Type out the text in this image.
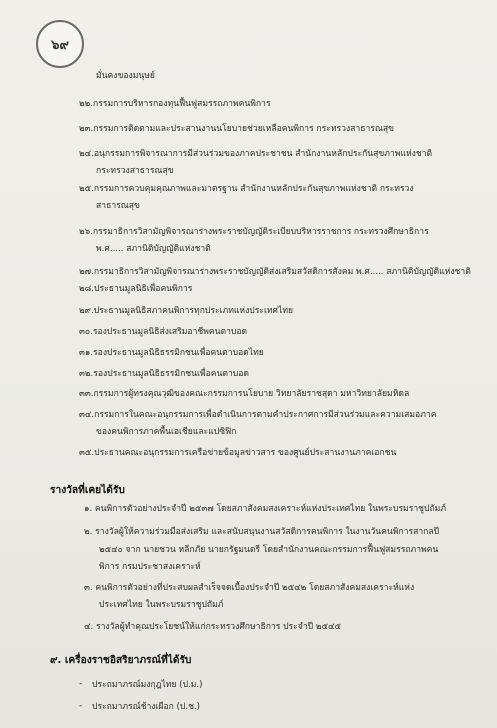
๖๙
มั่นคงของมนุษย์
๒๒.กรรมการบริหารกองทุนฟื้นฟูสมรรถภาพคนพิการ
๒๓.กรรมการติดตามและประสานงานนโยบายช่วยเหลือคนพิการ กระทรวงสาธารณสุข
๒๔.อนุกรรมการพิจารณาการมีส่วนร่วมของภาคประชาชน สำนักงานหลักประกันสุขภาพแห่งชาติ
กระทรวงสาธารณสุข
๒๕.กรรมการควบคุมคุณภาพและมาตรฐาน สำนักงานหลักประกันสุขภาพแห่งชาติ กระทรวง
สาธารณสุข
๒๖.กรรมาธิการวิสามัญพิจารณาร่างพระราชบัญญัติระเบียบบริหารราชการ กระทรวงศึกษาธิการ
พ.ศ..... สภานิติบัญญัติแห่งชาติ
๒๗.กรรมาธิการวิสามัญพิจารณาร่างพระราชบัญญัติส่งเสริมสวัสดิการสังคม พ.ศ..... สภานิติบัญญัติแห่งชาติ
๒๘.ประธานมูลนิธิเพื่อคนพิการ
๒๙.ประธานมูลนิธิสภาคนพิการทุกประเภทแห่งประเทศไทย
๓๐.รองประธานมูลนิธิส่งเสริมอาชีพคนตาบอด
๓๑.รองประธานมูลนิธิธรรมิกชนเพื่อคนตาบอดไทย
๓๒.รองประธานมูลนิธิธรรมิกชนเพื่อคนตาบอด
๓๓.กรรมการผู้ทรงคุณวุฒิของคณะกรรมการนโยบาย วิทยาลัยราชสุดา มหาวิทยาลัยมหิดล
๓๔.กรรมการในคณะอนุกรรมการเพื่อดำเนินการตามคำประกาศการมีส่วนร่วมและความเสมอภาค
ของคนพิการภาคพื้นเอเชียและแปซิฟิก
๓๕.ประธานคณะอนุกรรมการเครือข่ายข้อมูลข่าวสาร ของศูนย์ประสานงานภาคเอกชน
รางวัลที่เคยได้รับ
๑. คนพิการตัวอย่างประจำปี ๒๕๓๗ โดยสภาสังคมสงเคราะห์แห่งประเทศไทย ในพระบรมราชูปถัมภ์
๒. รางวัลผู้ให้ความร่วมมือส่งเสริม และสนับสนุนงานสวัสดิการคนพิการ ในงานวันคนพิการสากลปี
๒๕๔๐ จาก นายชวน หลีกภัย นายกรัฐมนตรี โดยสำนักงานคณะกรรมการฟื้นฟูสมรรถภาพคน
พิการ กรมประชาสงเคราะห์
๓. คนพิการตัวอย่างที่ประสบผลสำเร็จจดเบื้องประจำปี ๒๕๔๒ โดยสภาสังคมสงเคราะห์แห่ง
ประเทศไทย ในพระบรมราชูปถัมภ์
๔. รางวัลผู้ทำคุณประโยชน์ให้แก่กระทรวงศึกษาธิการ ประจำปี ๒๕๔๕
๙. เครื่องราชอิสริยาภรณ์ที่ได้รับ
- ประถมาภรณ์มงกุฎไทย (ป.ม.)
- ประถมาภรณ์ช้างเผือก (ป.ช.)
